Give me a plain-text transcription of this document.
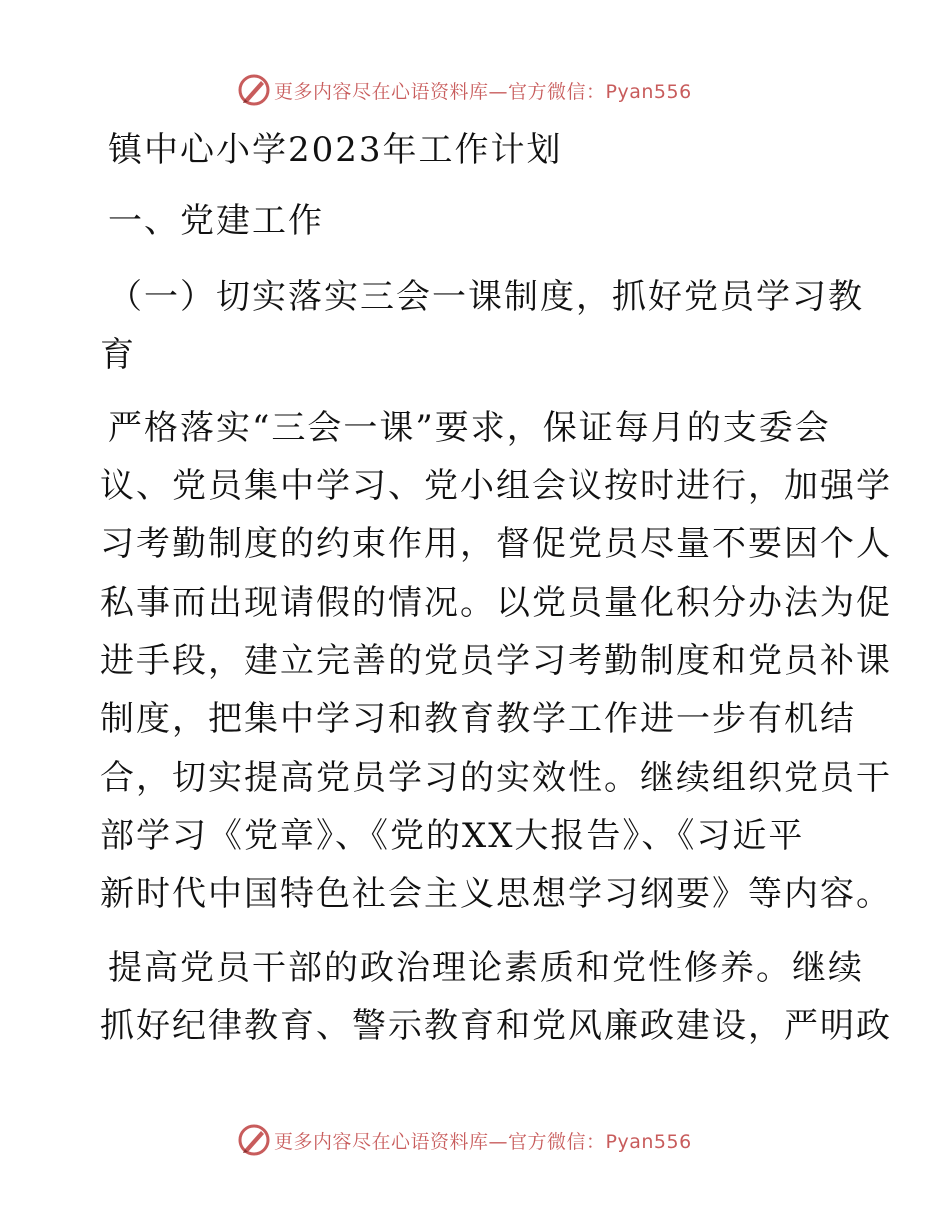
更多内容尽在心语资料库—官方微信：Pyan556
镇中心小学2023年工作计划
一、党建工作
（一）切实落实三会一课制度，抓好党员学习教
育
严格落实“三会一课”要求，保证每月的支委会
议、党员集中学习、党小组会议按时进行，加强学
习考勤制度的约束作用，督促党员尽量不要因个人
私事而出现请假的情况。以党员量化积分办法为促
进手段，建立完善的党员学习考勤制度和党员补课
制度，把集中学习和教育教学工作进一步有机结
合，切实提高党员学习的实效性。继续组织党员干
部学习《党章》、《党的XX大报告》、《习近平
新时代中国特色社会主义思想学习纲要》等内容。
提高党员干部的政治理论素质和党性修养。继续
抓好纪律教育、警示教育和党风廉政建设，严明政
更多内容尽在心语资料库—官方微信：Pyan556
